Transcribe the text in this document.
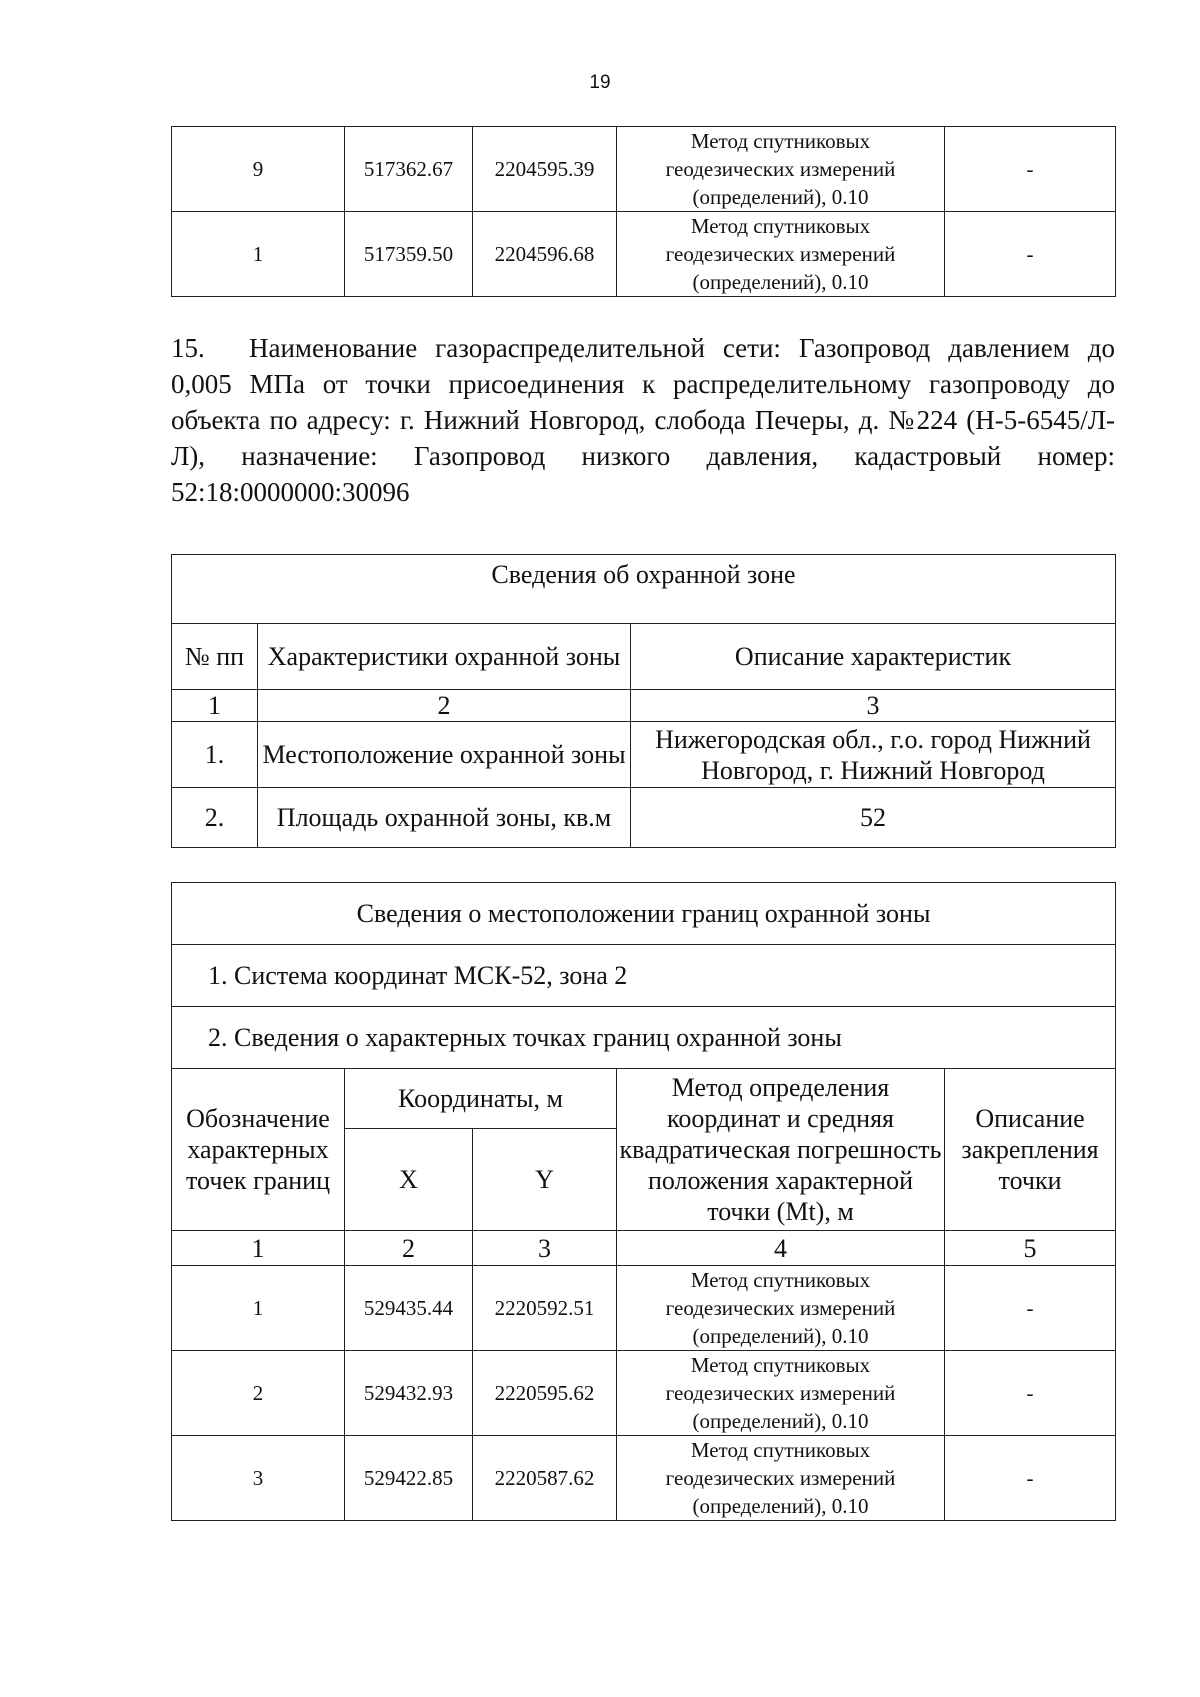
19
9	517362.67	2204595.39	Метод спутниковых
геодезических измерений
(определений), 0.10	-
1	517359.50	2204596.68	Метод спутниковых
геодезических измерений
(определений), 0.10	-

15. Наименование газораспределительной сети: Газопровод давлением до 0,005 МПа от точки присоединения к распределительному газопроводу до объекта по адресу: г. Нижний Новгород, слобода Печеры, д. №224 (Н-5-6545/Л-Л), назначение: Газопровод низкого давления, кадастровый номер: 52:18:0000000:30096

Сведения об охранной зоне		
№ пп	Характеристики охранной зоны	Описание характеристик
1	2	3
1.	Местоположение охранной зоны	Нижегородская обл., г.о. город Нижний Новгород, г. Нижний Новгород
2.	Площадь охранной зоны, кв.м	52
Сведения о местоположении границ охранной зоны				
1. Система координат МСК-52, зона 2				
2. Сведения о характерных точках границ охранной зоны				
Обозначение характерных точек границ	Координаты, м		Метод определения координат и средняя квадратическая погрешность положения характерной точки (Mt), м	Описание закрепления точки
	X	Y		
1	2	3	4	5
1	529435.44	2220592.51	Метод спутниковых
геодезических измерений
(определений), 0.10	-
2	529432.93	2220595.62	Метод спутниковых
геодезических измерений
(определений), 0.10	-
3	529422.85	2220587.62	Метод спутниковых
геодезических измерений
(определений), 0.10	-
